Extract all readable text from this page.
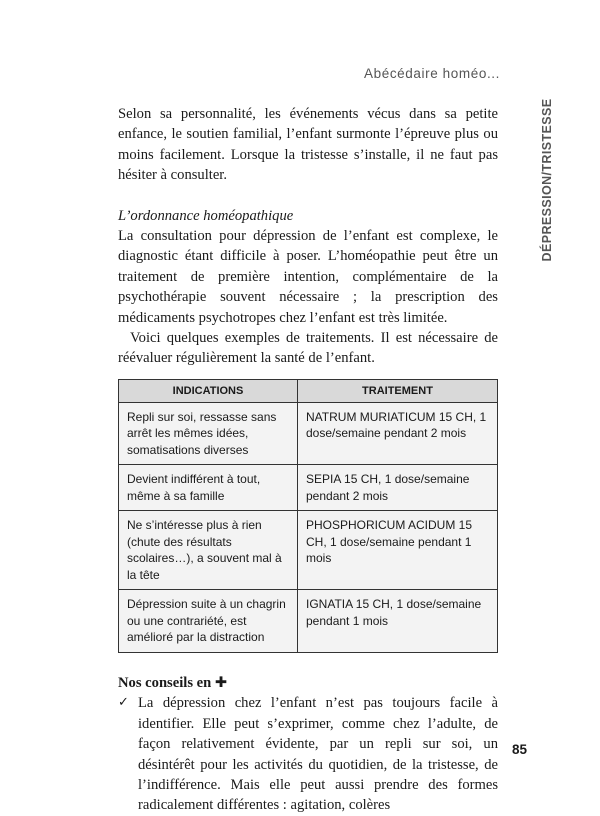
Abécédaire homéo...
DÉPRESSION/TRISTESSE

Selon sa personnalité, les événements vécus dans sa petite enfance, le soutien familial, l’enfant surmonte l’épreuve plus ou moins facilement. Lorsque la tristesse s’installe, il ne faut pas hésiter à consulter.

L’ordonnance homéopathique

La consultation pour dépression de l’enfant est complexe, le diagnostic étant difficile à poser. L’homéopathie peut être un traitement de première intention, complémentaire de la psychothérapie souvent nécessaire ; la prescription des médicaments psychotropes chez l’enfant est très limitée.

Voici quelques exemples de traitements. Il est nécessaire de réévaluer régulièrement la santé de l’enfant.

INDICATIONS	TRAITEMENT
Repli sur soi, ressasse sans arrêt les mêmes idées, somatisations diverses	NATRUM MURIATICUM 15 CH, 1 dose/semaine pendant 2 mois
Devient indifférent à tout, même à sa famille	SEPIA 15 CH, 1 dose/semaine pendant 2 mois
Ne s’intéresse plus à rien (chute des résultats scolaires…), a souvent mal à la tête	PHOSPHORICUM ACIDUM 15 CH, 1 dose/semaine pendant 1 mois
Dépression suite à un chagrin ou une contrariété, est amélioré par la distraction	IGNATIA 15 CH, 1 dose/semaine pendant 1 mois

Nos conseils en ✚

✓ La dépression chez l’enfant n’est pas toujours facile à identifier. Elle peut s’exprimer, comme chez l’adulte, de façon relativement évidente, par un repli sur soi, un désintérêt pour les activités du quotidien, de la tristesse, de l’indifférence. Mais elle peut aussi prendre des formes radicalement différentes : agitation, colères

85
